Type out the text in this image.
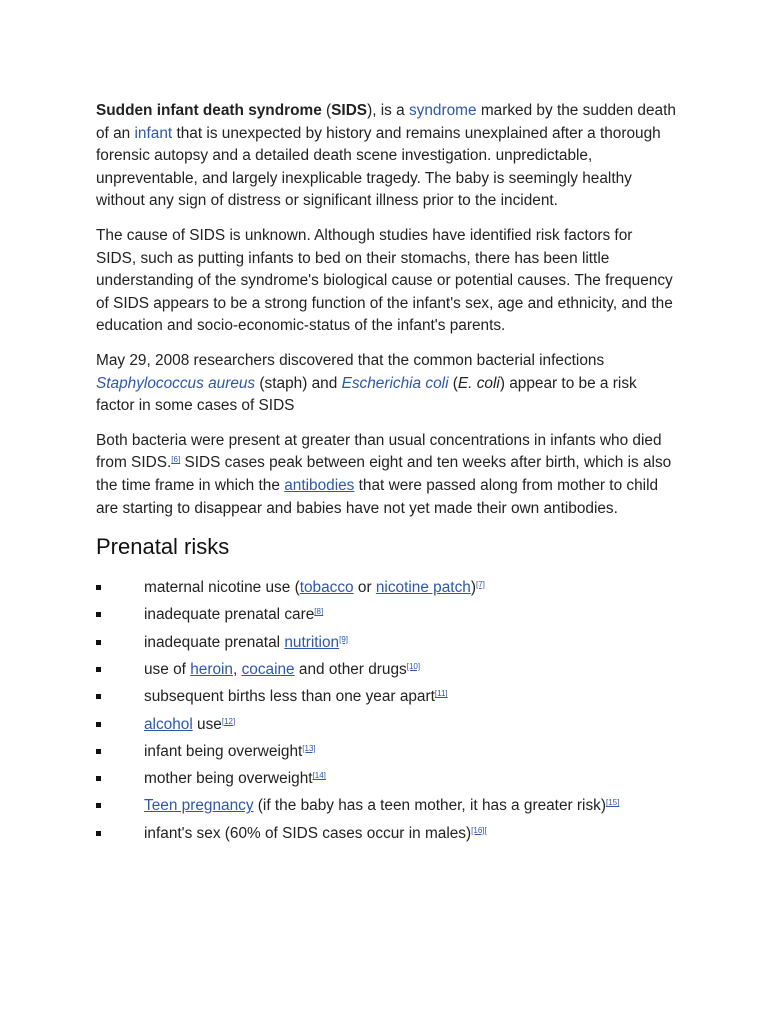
Sudden infant death syndrome (SIDS), is a syndrome marked by the sudden death of an infant that is unexpected by history and remains unexplained after a thorough forensic autopsy and a detailed death scene investigation. unpredictable, unpreventable, and largely inexplicable tragedy. The baby is seemingly healthy without any sign of distress or significant illness prior to the incident.

The cause of SIDS is unknown. Although studies have identified risk factors for SIDS, such as putting infants to bed on their stomachs, there has been little understanding of the syndrome's biological cause or potential causes. The frequency of SIDS appears to be a strong function of the infant's sex, age and ethnicity, and the education and socio-economic-status of the infant's parents.

May 29, 2008 researchers discovered that the common bacterial infections Staphylococcus aureus (staph) and Escherichia coli (E. coli) appear to be a risk factor in some cases of SIDS

Both bacteria were present at greater than usual concentrations in infants who died from SIDS.[6] SIDS cases peak between eight and ten weeks after birth, which is also the time frame in which the antibodies that were passed along from mother to child are starting to disappear and babies have not yet made their own antibodies.

Prenatal risks
maternal nicotine use (tobacco or nicotine patch)[7]
inadequate prenatal care[8]
inadequate prenatal nutrition[9]
use of heroin, cocaine and other drugs[10]
subsequent births less than one year apart[11]
alcohol use[12]
infant being overweight[13]
mother being overweight[14]
Teen pregnancy (if the baby has a teen mother, it has a greater risk)[15]
infant's sex (60% of SIDS cases occur in males)$^{[16][}$
